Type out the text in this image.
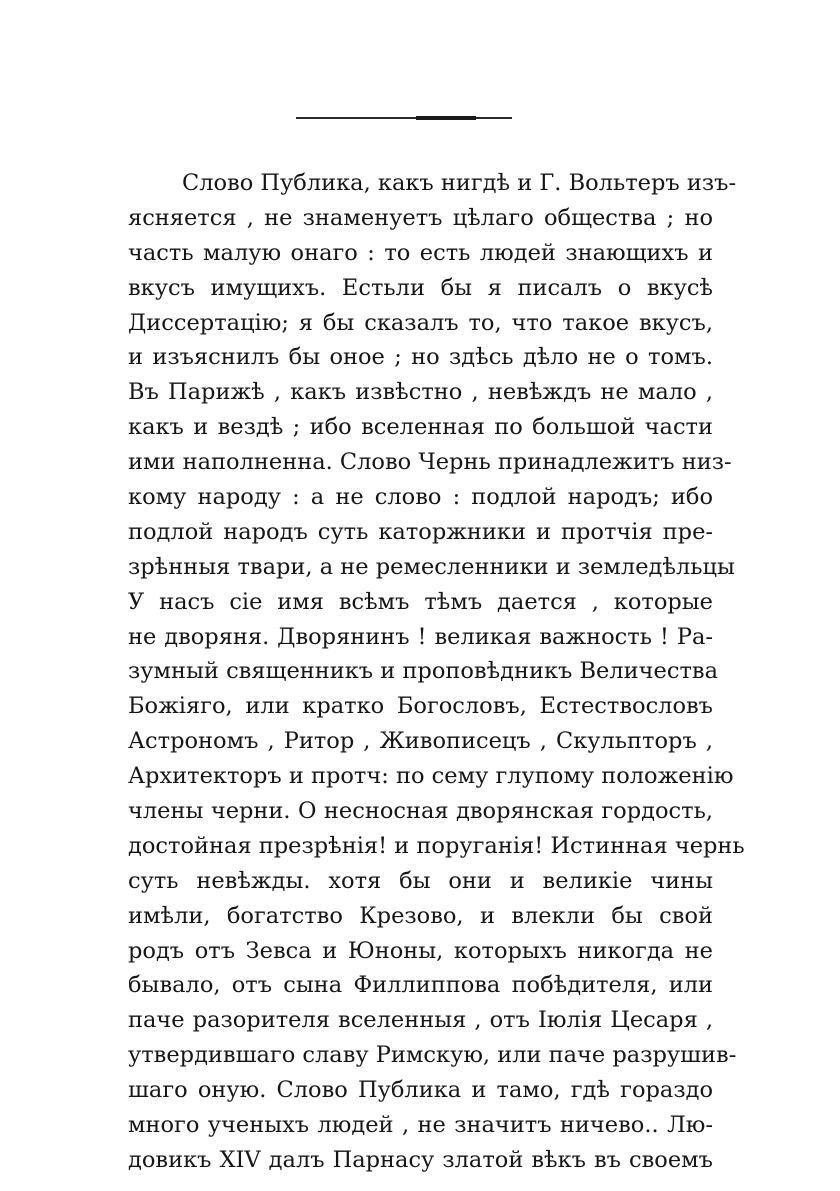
Слово Публика, какъ нигдѣ и Г. Вольтеръ изъ-
ясняется , не знаменуетъ цѣлаго общества ; но
часть малую онаго : то есть людей знающихъ и
вкусъ имущихъ. Естьли бы я писалъ о вкусѣ
Диссертацію; я бы сказалъ то, что такое вкусъ,
и изъяснилъ бы оное ; но здѣсь дѣло не о томъ.
Въ Парижѣ , какъ извѣстно , невѣждъ не мало ,
какъ и вездѣ ; ибо вселенная по большой части
ими наполненна. Слово Чернь принадлежитъ низ-
кому народу : а не слово : подлой народъ; ибо
подлой народъ суть каторжники и протчія пре-
зрѣнныя твари, а не ремесленники и земледѣльцы
У насъ сіе имя всѣмъ тѣмъ дается , которые
не дворяня. Дворянинъ ! великая важность ! Ра-
зумный священникъ и проповѣдникъ Величества
Божіяго, или кратко Богословъ, Естествословъ
Астрономъ , Ритор , Живописецъ , Скульпторъ ,
Архитекторъ и протч: по сему глупому положенію
члены черни. О несносная дворянская гордость,
достойная презрѣнія! и поруганія! Истинная чернь
суть невѣжды. хотя бы они и великіе чины
имѣли, богатство Крезово, и влекли бы свой
родъ отъ Зевса и Юноны, которыхъ никогда не
бывало, отъ сына Филлиппова побѣдителя, или
паче разорителя вселенныя , отъ Іюлія Цесаря ,
утвердившаго славу Римскую, или паче разрушив-
шаго оную. Слово Публика и тамо, гдѣ гораздо
много ученыхъ людей , не значитъ ничево.. Лю-
довикъ XIV далъ Парнасу златой вѣкъ въ своемъ
